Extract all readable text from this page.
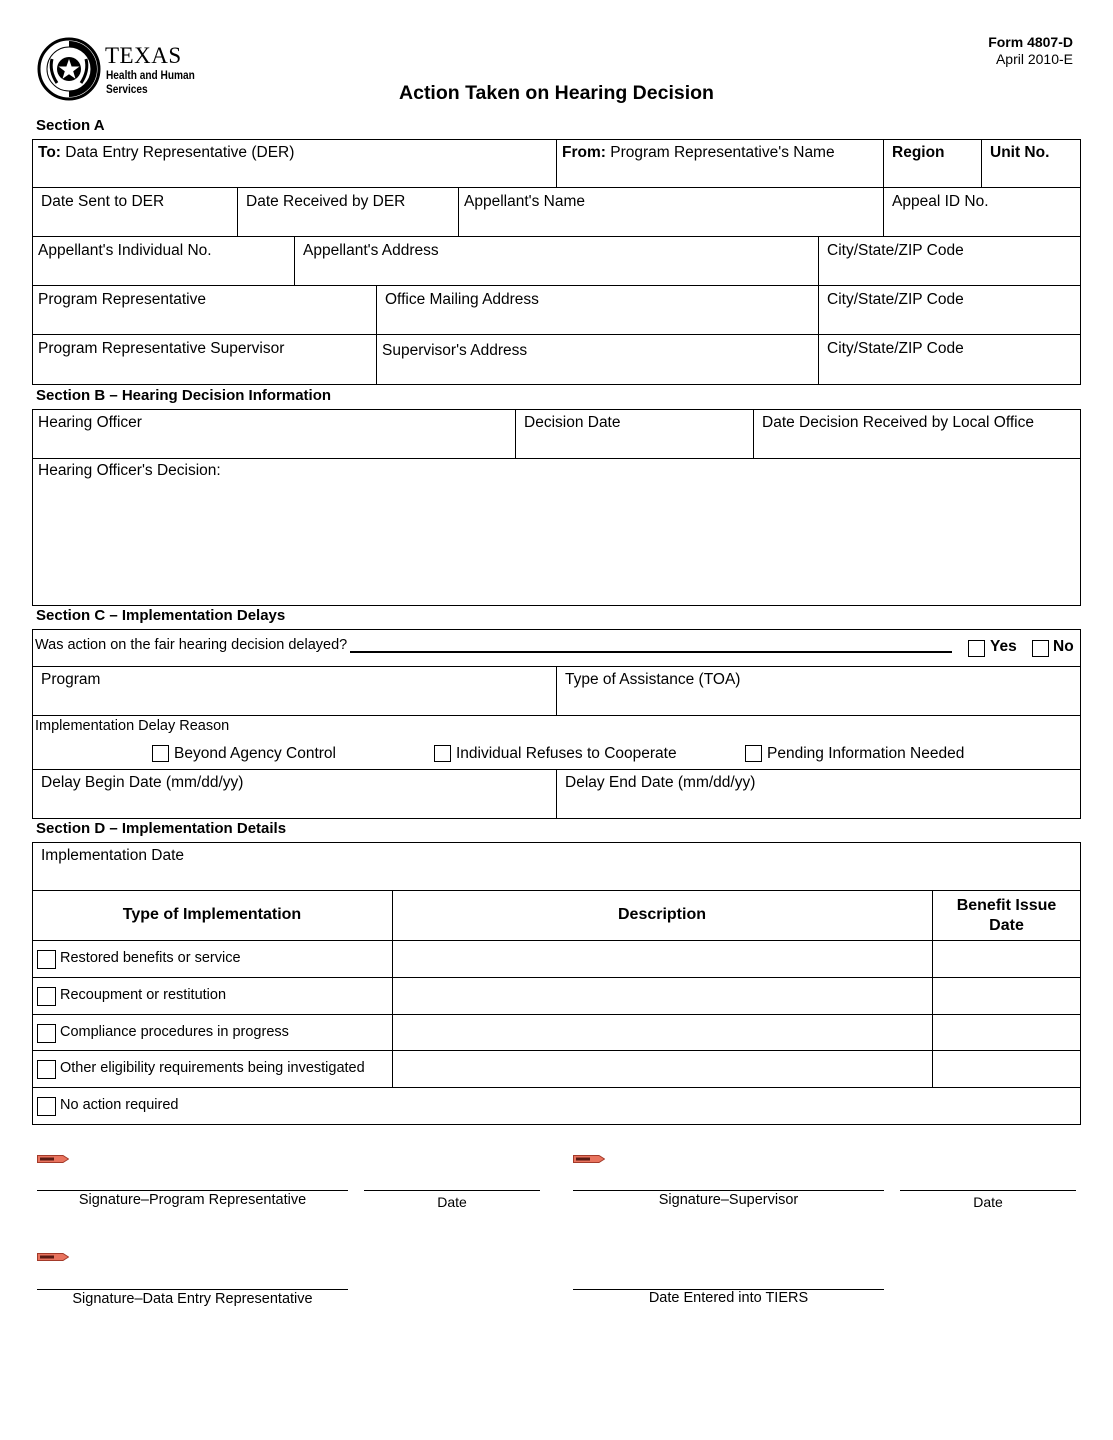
TEXAS
Health and Human
Services
Form 4807-D
April 2010-E
Action Taken on Hearing Decision
Section A
To: Data Entry Representative (DER)	From: Program Representative's Name	Region	Unit No.
Date Sent to DER	Date Received by DER	Appellant's Name	Appeal ID No.
Appellant's Individual No.	Appellant's Address	City/State/ZIP Code
Program Representative	Office Mailing Address	City/State/ZIP Code
Program Representative Supervisor	Supervisor's Address	City/State/ZIP Code
Section B – Hearing Decision Information
Hearing Officer	Decision Date	Date Decision Received by Local Office
Hearing Officer's Decision:
Section C – Implementation Delays
Was action on the fair hearing decision delayed?	Yes No
Program	Type of Assistance (TOA)
Implementation Delay Reason
Beyond Agency Control	Individual Refuses to Cooperate	Pending Information Needed
Delay Begin Date (mm/dd/yy)	Delay End Date (mm/dd/yy)
Section D – Implementation Details
Implementation Date
Type of Implementation	Description
Benefit Issue
Date
Restored benefits or service
Recoupment or restitution
Compliance procedures in progress
Other eligibility requirements being investigated
No action required
Signature–Program Representative	Date	Signature–Supervisor	Date
Signature–Data Entry Representative	Date Entered into TIERS
